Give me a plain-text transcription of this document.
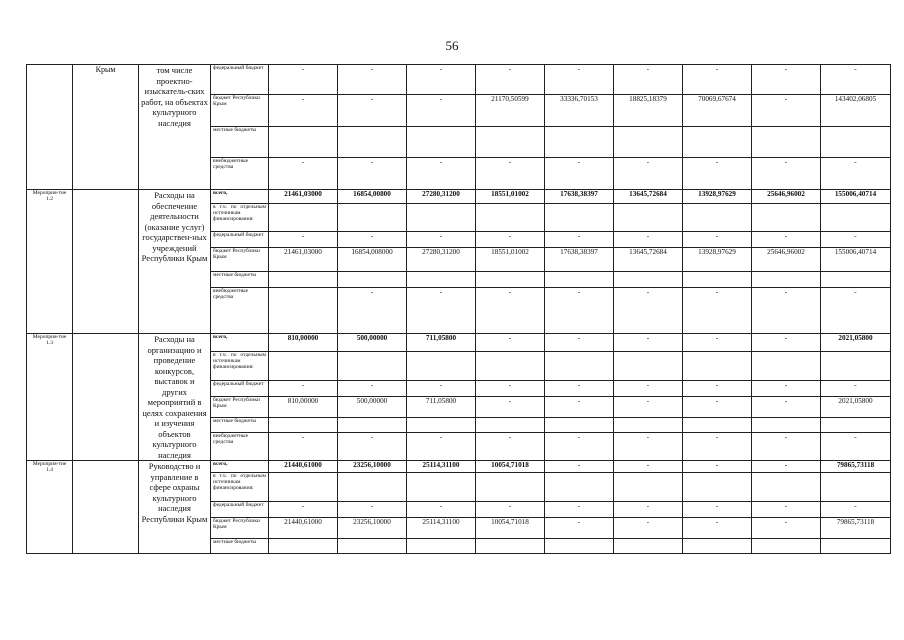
56
	Крым	том числе проектно-изыскатель-ских работ, на объектах культурного наследия	федеральный бюджет	-	-	-	-	-	-	-	-	-
			бюджет Республики Крым	-	-	-	21170,50599	33336,70153	18825,18379	70069,67674	-	143402,06805
			местные бюджеты									
			внебюджетные средства	-	-	-	-	-	-	-	-	-
Мероприя-тие 1.2		Расходы на обеспечение деятельности (оказание услуг) государствен-ных учреждений Республики Крым	всего,	21461,03000	16854,00800	27280,31200	18551,01002	17638,38397	13645,72684	13928,97629	25646,96002	155006,40714
			в т.ч. по отдельным источникам финансирования:									
			федеральный бюджет	-	-	-	-	-	-	-	-	-
			бюджет Республики Крым	21461,03000	16854,008000	27280,31200	18551,01002	17638,38397	13645,72684	13928,97629	25646,96002	155006,40714
			местные бюджеты									
			внебюджетные средства		-	-	-	-	-	-	-	-
Мероприя-тие 1.3		Расходы на организацию и проведение конкурсов, выставок и других мероприятий в целях сохранения и изучения объектов культурного наследия	всего,	810,00000	500,00000	711,05800	-	-	-	-	-	2021,05800
			в т.ч. по отдельным источникам финансирования:									
			федеральный бюджет	-	-	-	-	-	-	-	-	-
			бюджет Республики Крым	810,00000	500,00000	711,05800	-	-	-	-	-	2021,05800
			местные бюджеты									
			внебюджетные средства	-	-	-	-	-	-	-	-	-
Мероприя-тие 1.4		Руководство и управление в сфере охраны культурного наследия Республики Крым	всего,	21440,61000	23256,10000	25114,31100	10054,71018	-	-	-	-	79865,73118
			в т.ч. по отдельным источникам финансирования:									
			федеральный бюджет	-	-	-	-	-	-	-	-	-
			бюджет Республики Крым	21440,61000	23256,10000	25114,31100	10054,71018	-	-	-	-	79865,73118
			местные бюджеты									
